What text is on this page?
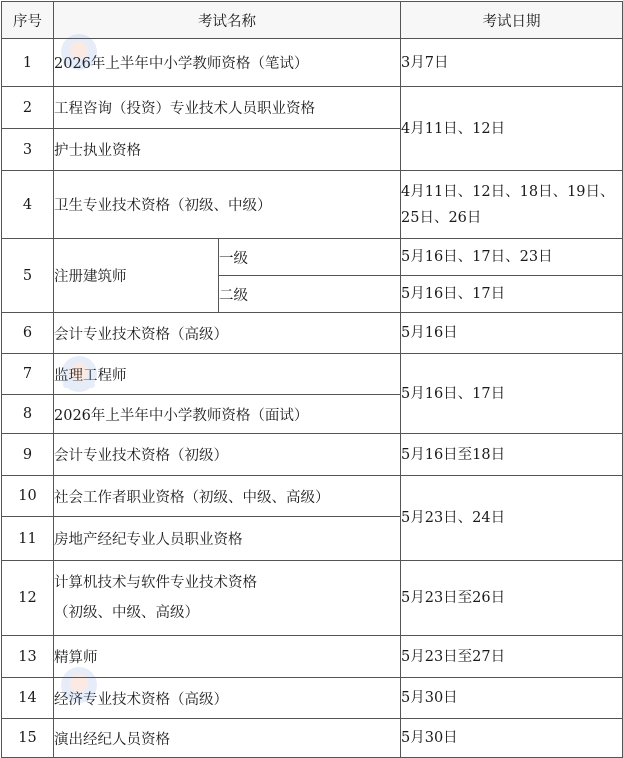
序号	考试名称		考试日期
1	2026年上半年中小学教师资格（笔试）		3月7日
2	工程咨询（投资）专业技术人员职业资格		4月11日、12日
3	护士执业资格		
4	卫生专业技术资格（初级、中级）		4月11日、12日、18日、19日、
25日、26日

5	注册建筑师	一级	5月16日、17日、23日
		二级	5月16日、17日
6	会计专业技术资格（高级）		5月16日
7	监理工程师		5月16日、17日
8	2026年上半年中小学教师资格（面试）		
9	会计专业技术资格（初级）		5月16日至18日
10	社会工作者职业资格（初级、中级、高级）		5月23日、24日
11	房地产经纪专业人员职业资格		
12	计算机技术与软件专业技术资格
（初级、中级、高级）		5月23日至26日
13	精算师		5月23日至27日
14	经济专业技术资格（高级）		5月30日
15	演出经纪人员资格		5月30日
